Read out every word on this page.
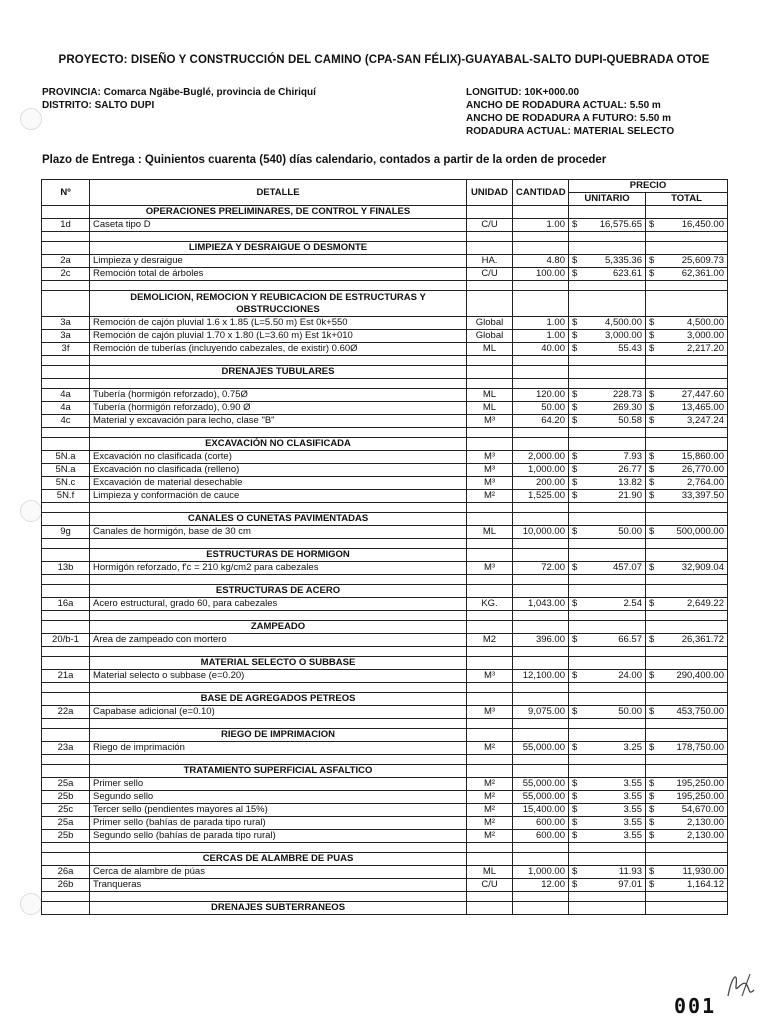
PROYECTO: DISEÑO Y CONSTRUCCIÓN DEL CAMINO (CPA-SAN FÉLIX)-GUAYABAL-SALTO DUPI-QUEBRADA OTOE
PROVINCIA: Comarca Ngäbe-Buglé, provincia de Chiriquí
DISTRITO: SALTO DUPI
LONGITUD: 10K+000.00
ANCHO DE RODADURA ACTUAL: 5.50 m
ANCHO DE RODADURA A FUTURO: 5.50 m
RODADURA ACTUAL: MATERIAL SELECTO
Plazo de Entrega : Quinientos cuarenta (540) días calendario, contados a partir de la orden de proceder
Nº	DETALLE	UNIDAD	CANTIDAD	PRECIO			
				UNITARIO		TOTAL	
	OPERACIONES PRELIMINARES, DE CONTROL Y FINALES						
1d	Caseta tipo D	C/U	1.00	$	16,575.65	$	16,450.00

	LIMPIEZA Y DESRAIGUE O DESMONTE						
2a	Limpieza y desraigue	HA.	4.80	$	5,335.36	$	25,609.73
2c	Remoción total de árboles	C/U	100.00	$	623.61	$	62,361.00

	DEMOLICION, REMOCION Y REUBICACION DE ESTRUCTURAS Y OBSTRUCCIONES						
3a	Remoción de cajón pluvial 1.6 x 1.85 (L=5.50 m) Est 0k+550	Global	1.00	$	4,500.00	$	4,500.00
3a	Remoción de cajón pluvial 1.70 x 1.80 (L=3.60 m) Est 1k+010	Global	1.00	$	3,000.00	$	3,000.00
3f	Remoción de tuberías (incluyendo cabezales, de existir) 0.60Ø	ML	40.00	$	55.43	$	2,217.20

	DRENAJES TUBULARES						

4a	Tubería (hormigón reforzado), 0.75Ø	ML	120.00	$	228.73	$	27,447.60
4a	Tubería (hormigón reforzado), 0.90 Ø	ML	50.00	$	269.30	$	13,465.00
4c	Material y excavación para lecho, clase "B"	M³	64.20	$	50.58	$	3,247.24

	EXCAVACIÓN NO CLASIFICADA						
5N.a	Excavación no clasificada (corte)	M³	2,000.00	$	7.93	$	15,860.00
5N.a	Excavación no clasificada (relleno)	M³	1,000.00	$	26.77	$	26,770.00
5N.c	Excavación de material desechable	M³	200.00	$	13.82	$	2,764.00
5N.f	Limpieza y conformación de cauce	M²	1,525.00	$	21.90	$	33,397.50

	CANALES O CUNETAS PAVIMENTADAS						
9g	Canales de hormigón, base de 30 cm	ML	10,000.00	$	50.00	$	500,000.00

	ESTRUCTURAS DE HORMIGON						
13b	Hormigón reforzado, f'c = 210 kg/cm2 para cabezales	M³	72.00	$	457.07	$	32,909.04

	ESTRUCTURAS DE ACERO						
16a	Acero estructural, grado 60, para cabezales	KG.	1,043.00	$	2.54	$	2,649.22

	ZAMPEADO						
20/b-1	Area de zampeado con mortero	M2	396.00	$	66.57	$	26,361.72

	MATERIAL SELECTO O SUBBASE						
21a	Material selecto o subbase (e=0.20)	M³	12,100.00	$	24.00	$	290,400.00

	BASE DE AGREGADOS PETREOS						
22a	Capabase adicional (e=0.10)	M³	9,075.00	$	50.00	$	453,750.00

	RIEGO DE IMPRIMACION						
23a	Riego de imprimación	M²	55,000.00	$	3.25	$	178,750.00

	TRATAMIENTO SUPERFICIAL ASFALTICO						
25a	Primer sello	M²	55,000.00	$	3.55	$	195,250.00
25b	Segundo sello	M²	55,000.00	$	3.55	$	195,250.00
25c	Tercer sello (pendientes mayores al 15%)	M²	15,400.00	$	3.55	$	54,670.00
25a	Primer sello (bahías de parada tipo rural)	M²	600.00	$	3.55	$	2,130.00
25b	Segundo sello (bahías de parada tipo rural)	M²	600.00	$	3.55	$	2,130.00

	CERCAS DE ALAMBRE DE PUAS						
26a	Cerca de alambre de púas	ML	1,000.00	$	11.93	$	11,930.00
26b	Tranqueras	C/U	12.00	$	97.01	$	1,164.12

	DRENAJES SUBTERRANEOS						
001
